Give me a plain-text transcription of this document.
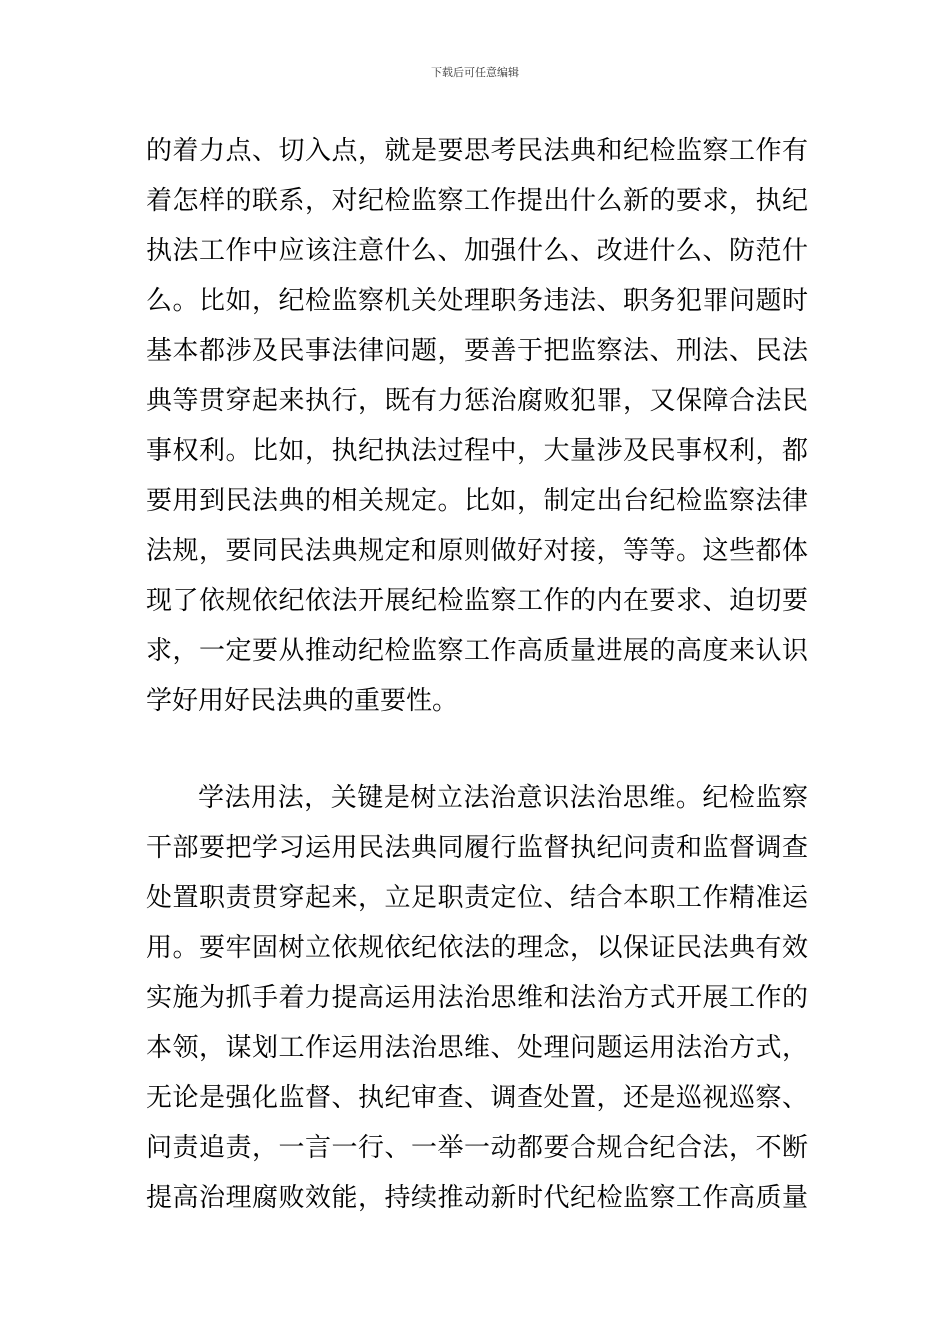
下载后可任意编辑
的着力点、切入点，就是要思考民法典和纪检监察工作有
着怎样的联系，对纪检监察工作提出什么新的要求，执纪
执法工作中应该注意什么、加强什么、改进什么、防范什
么。比如，纪检监察机关处理职务违法、职务犯罪问题时
基本都涉及民事法律问题，要善于把监察法、刑法、民法
典等贯穿起来执行，既有力惩治腐败犯罪，又保障合法民
事权利。比如，执纪执法过程中，大量涉及民事权利，都
要用到民法典的相关规定。比如，制定出台纪检监察法律
法规，要同民法典规定和原则做好对接，等等。这些都体
现了依规依纪依法开展纪检监察工作的内在要求、迫切要
求，一定要从推动纪检监察工作高质量进展的高度来认识
学好用好民法典的重要性。
学法用法，关键是树立法治意识法治思维。纪检监察
干部要把学习运用民法典同履行监督执纪问责和监督调查
处置职责贯穿起来，立足职责定位、结合本职工作精准运
用。要牢固树立依规依纪依法的理念，以保证民法典有效
实施为抓手着力提高运用法治思维和法治方式开展工作的
本领，谋划工作运用法治思维、处理问题运用法治方式，
无论是强化监督、执纪审查、调查处置，还是巡视巡察、
问责追责，一言一行、一举一动都要合规合纪合法，不断
提高治理腐败效能，持续推动新时代纪检监察工作高质量
